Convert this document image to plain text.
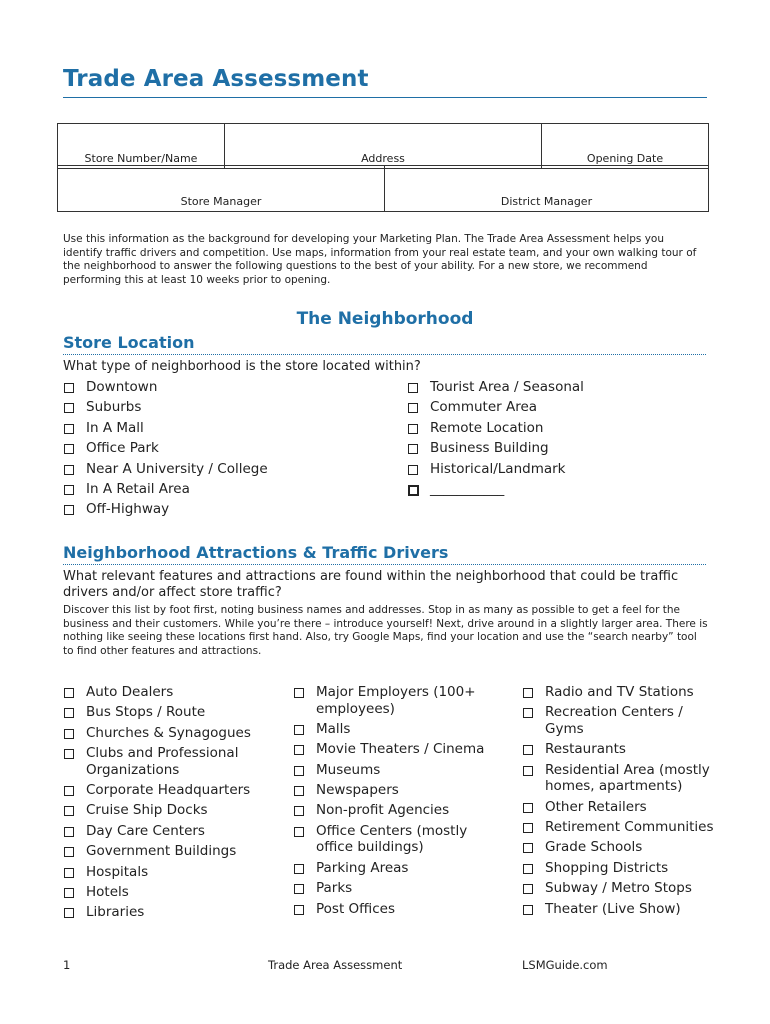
Trade Area Assessment
Store Number/Name	Address	Opening Date
Store Manager	District Manager
Use this information as the background for developing your Marketing Plan. The Trade Area Assessment helps you identify traffic drivers and competition. Use maps, information from your real estate team, and your own walking tour of the neighborhood to answer the following questions to the best of your ability. For a new store, we recommend performing this at least 10 weeks prior to opening.
The Neighborhood
Store Location
What type of neighborhood is the store located within?
Downtown
Suburbs
In A Mall
Office Park
Near A University / College
In A Retail Area
Off-Highway
Tourist Area / Seasonal
Commuter Area
Remote Location
Business Building
Historical/Landmark
___________
Neighborhood Attractions & Traffic Drivers
What relevant features and attractions are found within the neighborhood that could be traffic drivers and/or affect store traffic?
Discover this list by foot first, noting business names and addresses. Stop in as many as possible to get a feel for the business and their customers. While you’re there – introduce yourself! Next, drive around in a slightly larger area. There is nothing like seeing these locations first hand. Also, try Google Maps, find your location and use the “search nearby” tool to find other features and attractions.
Auto Dealers
Bus Stops / Route
Churches & Synagogues
Clubs and Professional Organizations
Corporate Headquarters
Cruise Ship Docks
Day Care Centers
Government Buildings
Hospitals
Hotels
Libraries
Major Employers (100+ employees)
Malls
Movie Theaters / Cinema
Museums
Newspapers
Non-profit Agencies
Office Centers (mostly office buildings)
Parking Areas
Parks
Post Offices
Radio and TV Stations
Recreation Centers / Gyms
Restaurants
Residential Area (mostly homes, apartments)
Other Retailers
Retirement Communities
Grade Schools
Shopping Districts
Subway / Metro Stops
Theater (Live Show)
1	Trade Area Assessment	LSMGuide.com
